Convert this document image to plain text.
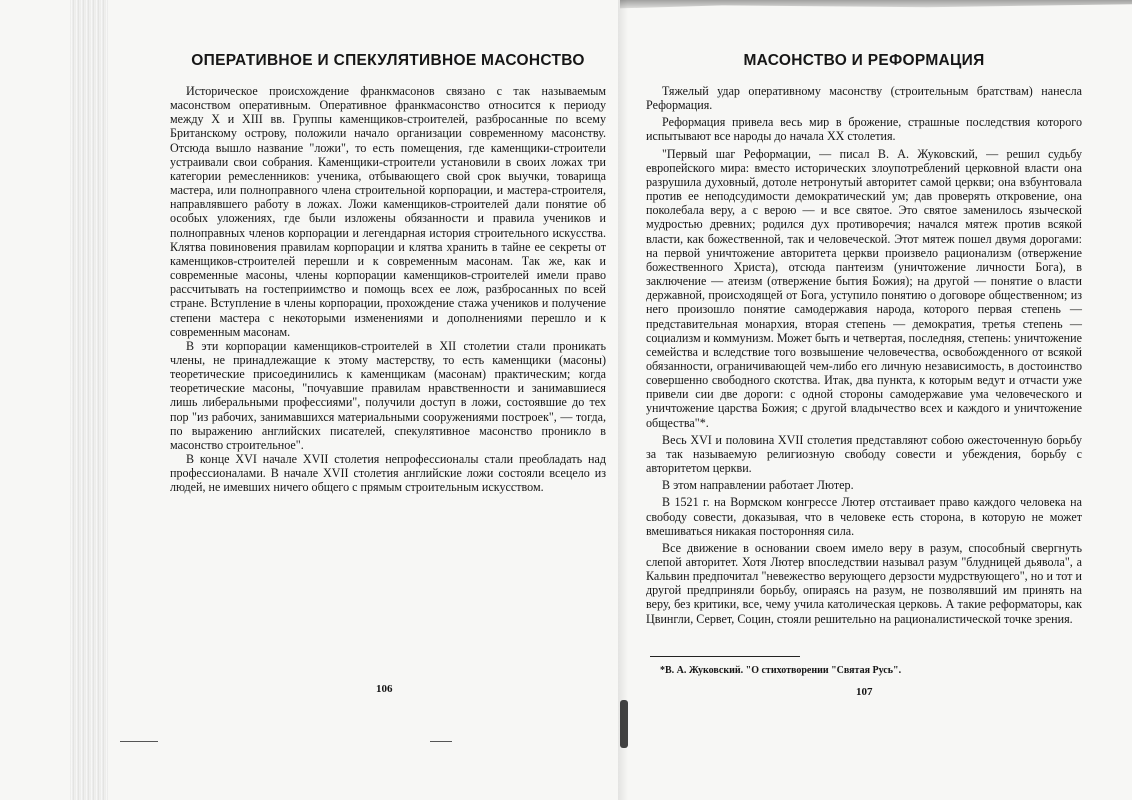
ОПЕРАТИВНОЕ И СПЕКУЛЯТИВНОЕ МАСОНСТВО

Историческое происхождение франкмасонов связано с так называемым масонством оперативным. Оперативное франкмасонство относится к периоду между X и XIII вв. Группы каменщиков-строителей, разбросанные по всему Британскому острову, положили начало организации современному масонству. Отсюда вышло название "ложи", то есть помещения, где каменщики-строители устраивали свои собрания. Каменщики-строители установили в своих ложах три категории ремесленников: ученика, отбывающего свой срок выучки, товарища мастера, или полноправного члена строительной корпорации, и мастера-строителя, направлявшего работу в ложах. Ложи каменщиков-строителей дали понятие об особых уложениях, где были изложены обязанности и правила учеников и полноправных членов корпорации и легендарная история строительного искусства. Клятва повиновения правилам корпорации и клятва хранить в тайне ее секреты от каменщиков-строителей перешли и к современным масонам. Так же, как и современные масоны, члены корпорации каменщиков-строителей имели право рассчитывать на гостеприимство и помощь всех ее лож, разбросанных по всей стране. Вступление в члены корпорации, прохождение стажа учеников и получение степени мастера с некоторыми изменениями и дополнениями перешло и к современным масонам.

В эти корпорации каменщиков-строителей в XII столетии стали проникать члены, не принадлежащие к этому мастерству, то есть каменщики (масоны) теоретические присоединились к каменщикам (масонам) практическим; когда теоретические масоны, "почуавшие правилам нравственности и занимавшиеся лишь либеральными профессиями", получили доступ в ложи, состоявшие до тех пор "из рабочих, занимавшихся материальными сооружениями построек", — тогда, по выражению английских писателей, спекулятивное масонство проникло в масонство строительное".

В конце XVI начале XVII столетия непрофессионалы стали преобладать над профессионалами. В начале XVII столетия английские ложи состояли всецело из людей, не имевших ничего общего с прямым строительным искусством.

106
МАСОНСТВО И РЕФОРМАЦИЯ

Тяжелый удар оперативному масонству (строительным братствам) нанесла Реформация.

Реформация привела весь мир в брожение, страшные последствия которого испытывают все народы до начала XX столетия.

"Первый шаг Реформации, — писал В. А. Жуковский, — решил судьбу европейского мира: вместо исторических злоупотреблений церковной власти она разрушила духовный, дотоле нетронутый авторитет самой церкви; она взбунтовала против ее неподсудимости демократический ум; дав проверять откровение, она поколебала веру, а с верою — и все святое. Это святое заменилось языческой мудростью древних; родился дух противоречия; начался мятеж против всякой власти, как божественной, так и человеческой. Этот мятеж пошел двумя дорогами: на первой уничтожение авторитета церкви произвело рационализм (отвержение божественного Христа), отсюда пантеизм (уничтожение личности Бога), в заключение — атеизм (отвержение бытия Божия); на другой — понятие о власти державной, происходящей от Бога, уступило понятию о договоре общественном; из него произошло понятие самодержавия народа, которого первая степень — представительная монархия, вторая степень — демократия, третья степень — социализм и коммунизм. Может быть и четвертая, последняя, степень: уничтожение семейства и вследствие того возвышение человечества, освобожденного от всякой обязанности, ограничивающей чем-либо его личную независимость, в достоинство совершенно свободного скотства. Итак, два пункта, к которым ведут и отчасти уже привели сии две дороги: с одной стороны самодержавие ума человеческого и уничтожение царства Божия; с другой владычество всех и каждого и уничтожение общества"*.

Весь XVI и половина XVII столетия представляют собою ожесточенную борьбу за так называемую религиозную свободу совести и убеждения, борьбу с авторитетом церкви.

В этом направлении работает Лютер.

В 1521 г. на Вормском конгрессе Лютер отстаивает право каждого человека на свободу совести, доказывая, что в человеке есть сторона, в которую не может вмешиваться никакая посторонняя сила.

Все движение в основании своем имело веру в разум, способный свергнуть слепой авторитет. Хотя Лютер впоследствии называл разум "блудницей дьявола", а Кальвин предпочитал "невежество верующего дерзости мудрствующего", но и тот и другой предприняли борьбу, опираясь на разум, не позволявший им принять на веру, без критики, все, чему учила католическая церковь. А такие реформаторы, как Цвингли, Сервет, Социн, стояли решительно на рационалистической точке зрения.

*В. А. Жуковский. "О стихотворении "Святая Русь".
107
